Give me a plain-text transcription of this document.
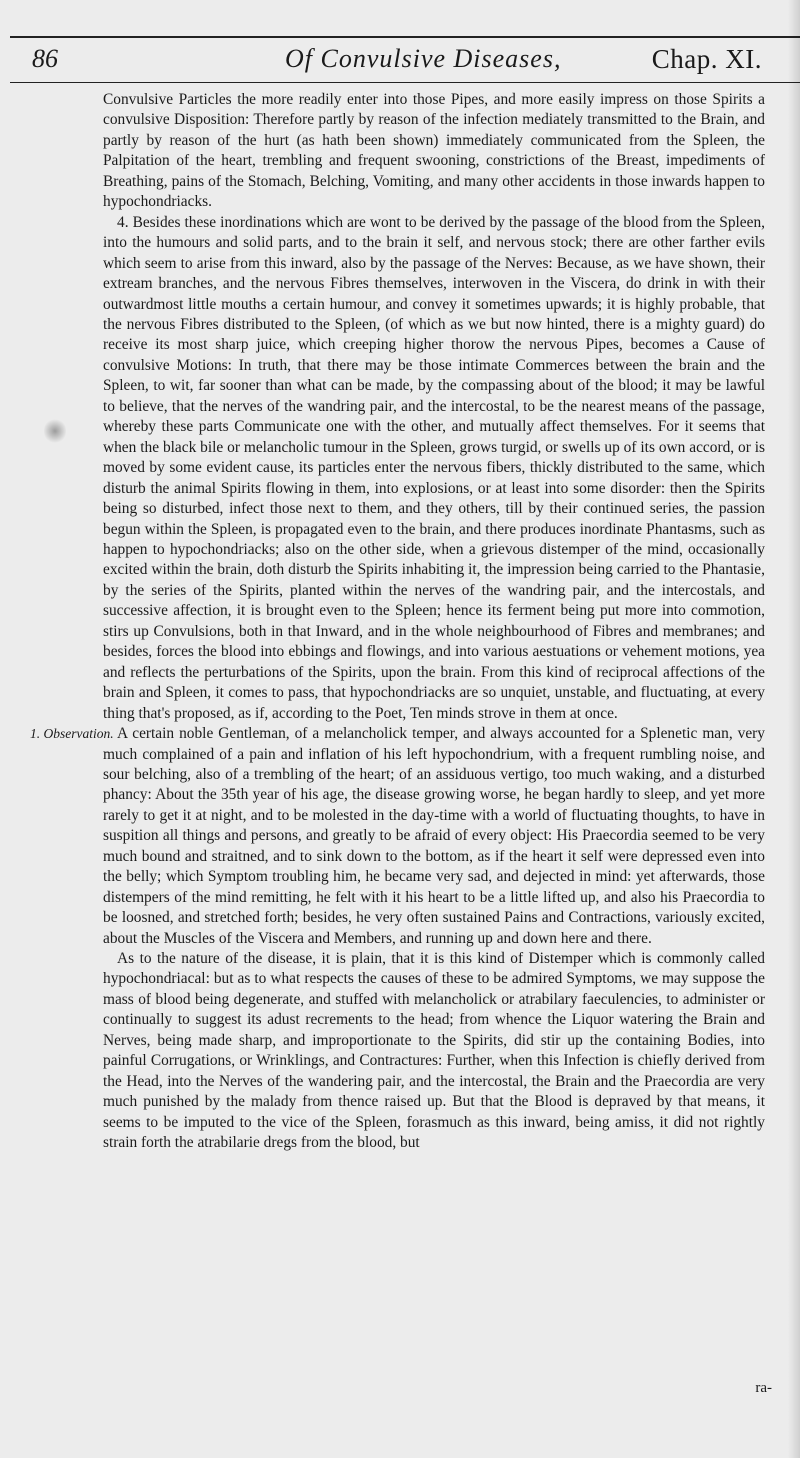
86	Of Convulsive Diseases,	Chap. XI.

Convulsive Particles the more readily enter into those Pipes, and more easily impress on those Spirits a convulsive Disposition: Therefore partly by reason of the infection mediately transmitted to the Brain, and partly by reason of the hurt (as hath been shown) immediately communicated from the Spleen, the Palpitation of the heart, trembling and frequent swooning, constrictions of the Breast, impediments of Breathing, pains of the Stomach, Belching, Vomiting, and many other accidents in those inwards happen to hypochondriacks.

4. Besides these inordinations which are wont to be derived by the passage of the blood from the Spleen, into the humours and solid parts, and to the brain it self, and nervous stock; there are other farther evils which seem to arise from this inward, also by the passage of the Nerves: Because, as we have shown, their extream branches, and the nervous Fibres themselves, interwoven in the Viscera, do drink in with their outwardmost little mouths a certain humour, and convey it sometimes upwards; it is highly probable, that the nervous Fibres distributed to the Spleen, (of which as we but now hinted, there is a mighty guard) do receive its most sharp juice, which creeping higher thorow the nervous Pipes, becomes a Cause of convulsive Motions: In truth, that there may be those intimate Commerces between the brain and the Spleen, to wit, far sooner than what can be made, by the compassing about of the blood; it may be lawful to believe, that the nerves of the wandring pair, and the intercostal, to be the nearest means of the passage, whereby these parts Communicate one with the other, and mutually affect themselves. For it seems that when the black bile or melancholic tumour in the Spleen, grows turgid, or swells up of its own accord, or is moved by some evident cause, its particles enter the nervous fibers, thickly distributed to the same, which disturb the animal Spirits flowing in them, into explosions, or at least into some disorder: then the Spirits being so disturbed, infect those next to them, and they others, till by their continued series, the passion begun within the Spleen, is propagated even to the brain, and there produces inordinate Phantasms, such as happen to hypochondriacks; also on the other side, when a grievous distemper of the mind, occasionally excited within the brain, doth disturb the Spirits inhabiting it, the impression being carried to the Phantasie, by the series of the Spirits, planted within the nerves of the wandring pair, and the intercostals, and successive affection, it is brought even to the Spleen; hence its ferment being put more into commotion, stirs up Convulsions, both in that Inward, and in the whole neighbourhood of Fibres and membranes; and besides, forces the blood into ebbings and flowings, and into various aestuations or vehement motions, yea and reflects the perturbations of the Spirits, upon the brain. From this kind of reciprocal affections of the brain and Spleen, it comes to pass, that hypochondriacks are so unquiet, unstable, and fluctuating, at every thing that's proposed, as if, according to the Poet, Ten minds strove in them at once.

1. Observation. A certain noble Gentleman, of a melancholick temper, and always accounted for a Splenetic man, very much complained of a pain and inflation of his left hypochondrium, with a frequent rumbling noise, and sour belching, also of a trembling of the heart; of an assiduous vertigo, too much waking, and a disturbed phancy: About the 35th year of his age, the disease growing worse, he began hardly to sleep, and yet more rarely to get it at night, and to be molested in the day-time with a world of fluctuating thoughts, to have in suspition all things and persons, and greatly to be afraid of every object: His Praecordia seemed to be very much bound and straitned, and to sink down to the bottom, as if the heart it self were depressed even into the belly; which Symptom troubling him, he became very sad, and dejected in mind: yet afterwards, those distempers of the mind remitting, he felt with it his heart to be a little lifted up, and also his Praecordia to be loosned, and stretched forth; besides, he very often sustained Pains and Contractions, variously excited, about the Muscles of the Viscera and Members, and running up and down here and there.

As to the nature of the disease, it is plain, that it is this kind of Distemper which is commonly called hypochondriacal: but as to what respects the causes of these to be admired Symptoms, we may suppose the mass of blood being degenerate, and stuffed with melancholick or atrabilary faeculencies, to administer or continually to suggest its adust recrements to the head; from whence the Liquor watering the Brain and Nerves, being made sharp, and improportionate to the Spirits, did stir up the containing Bodies, into painful Corrugations, or Wrinklings, and Contractures: Further, when this Infection is chiefly derived from the Head, into the Nerves of the wandering pair, and the intercostal, the Brain and the Praecordia are very much punished by the malady from thence raised up. But that the Blood is depraved by that means, it seems to be imputed to the vice of the Spleen, forasmuch as this inward, being amiss, it did not rightly strain forth the atrabilarie dregs from the blood, but

ra-
